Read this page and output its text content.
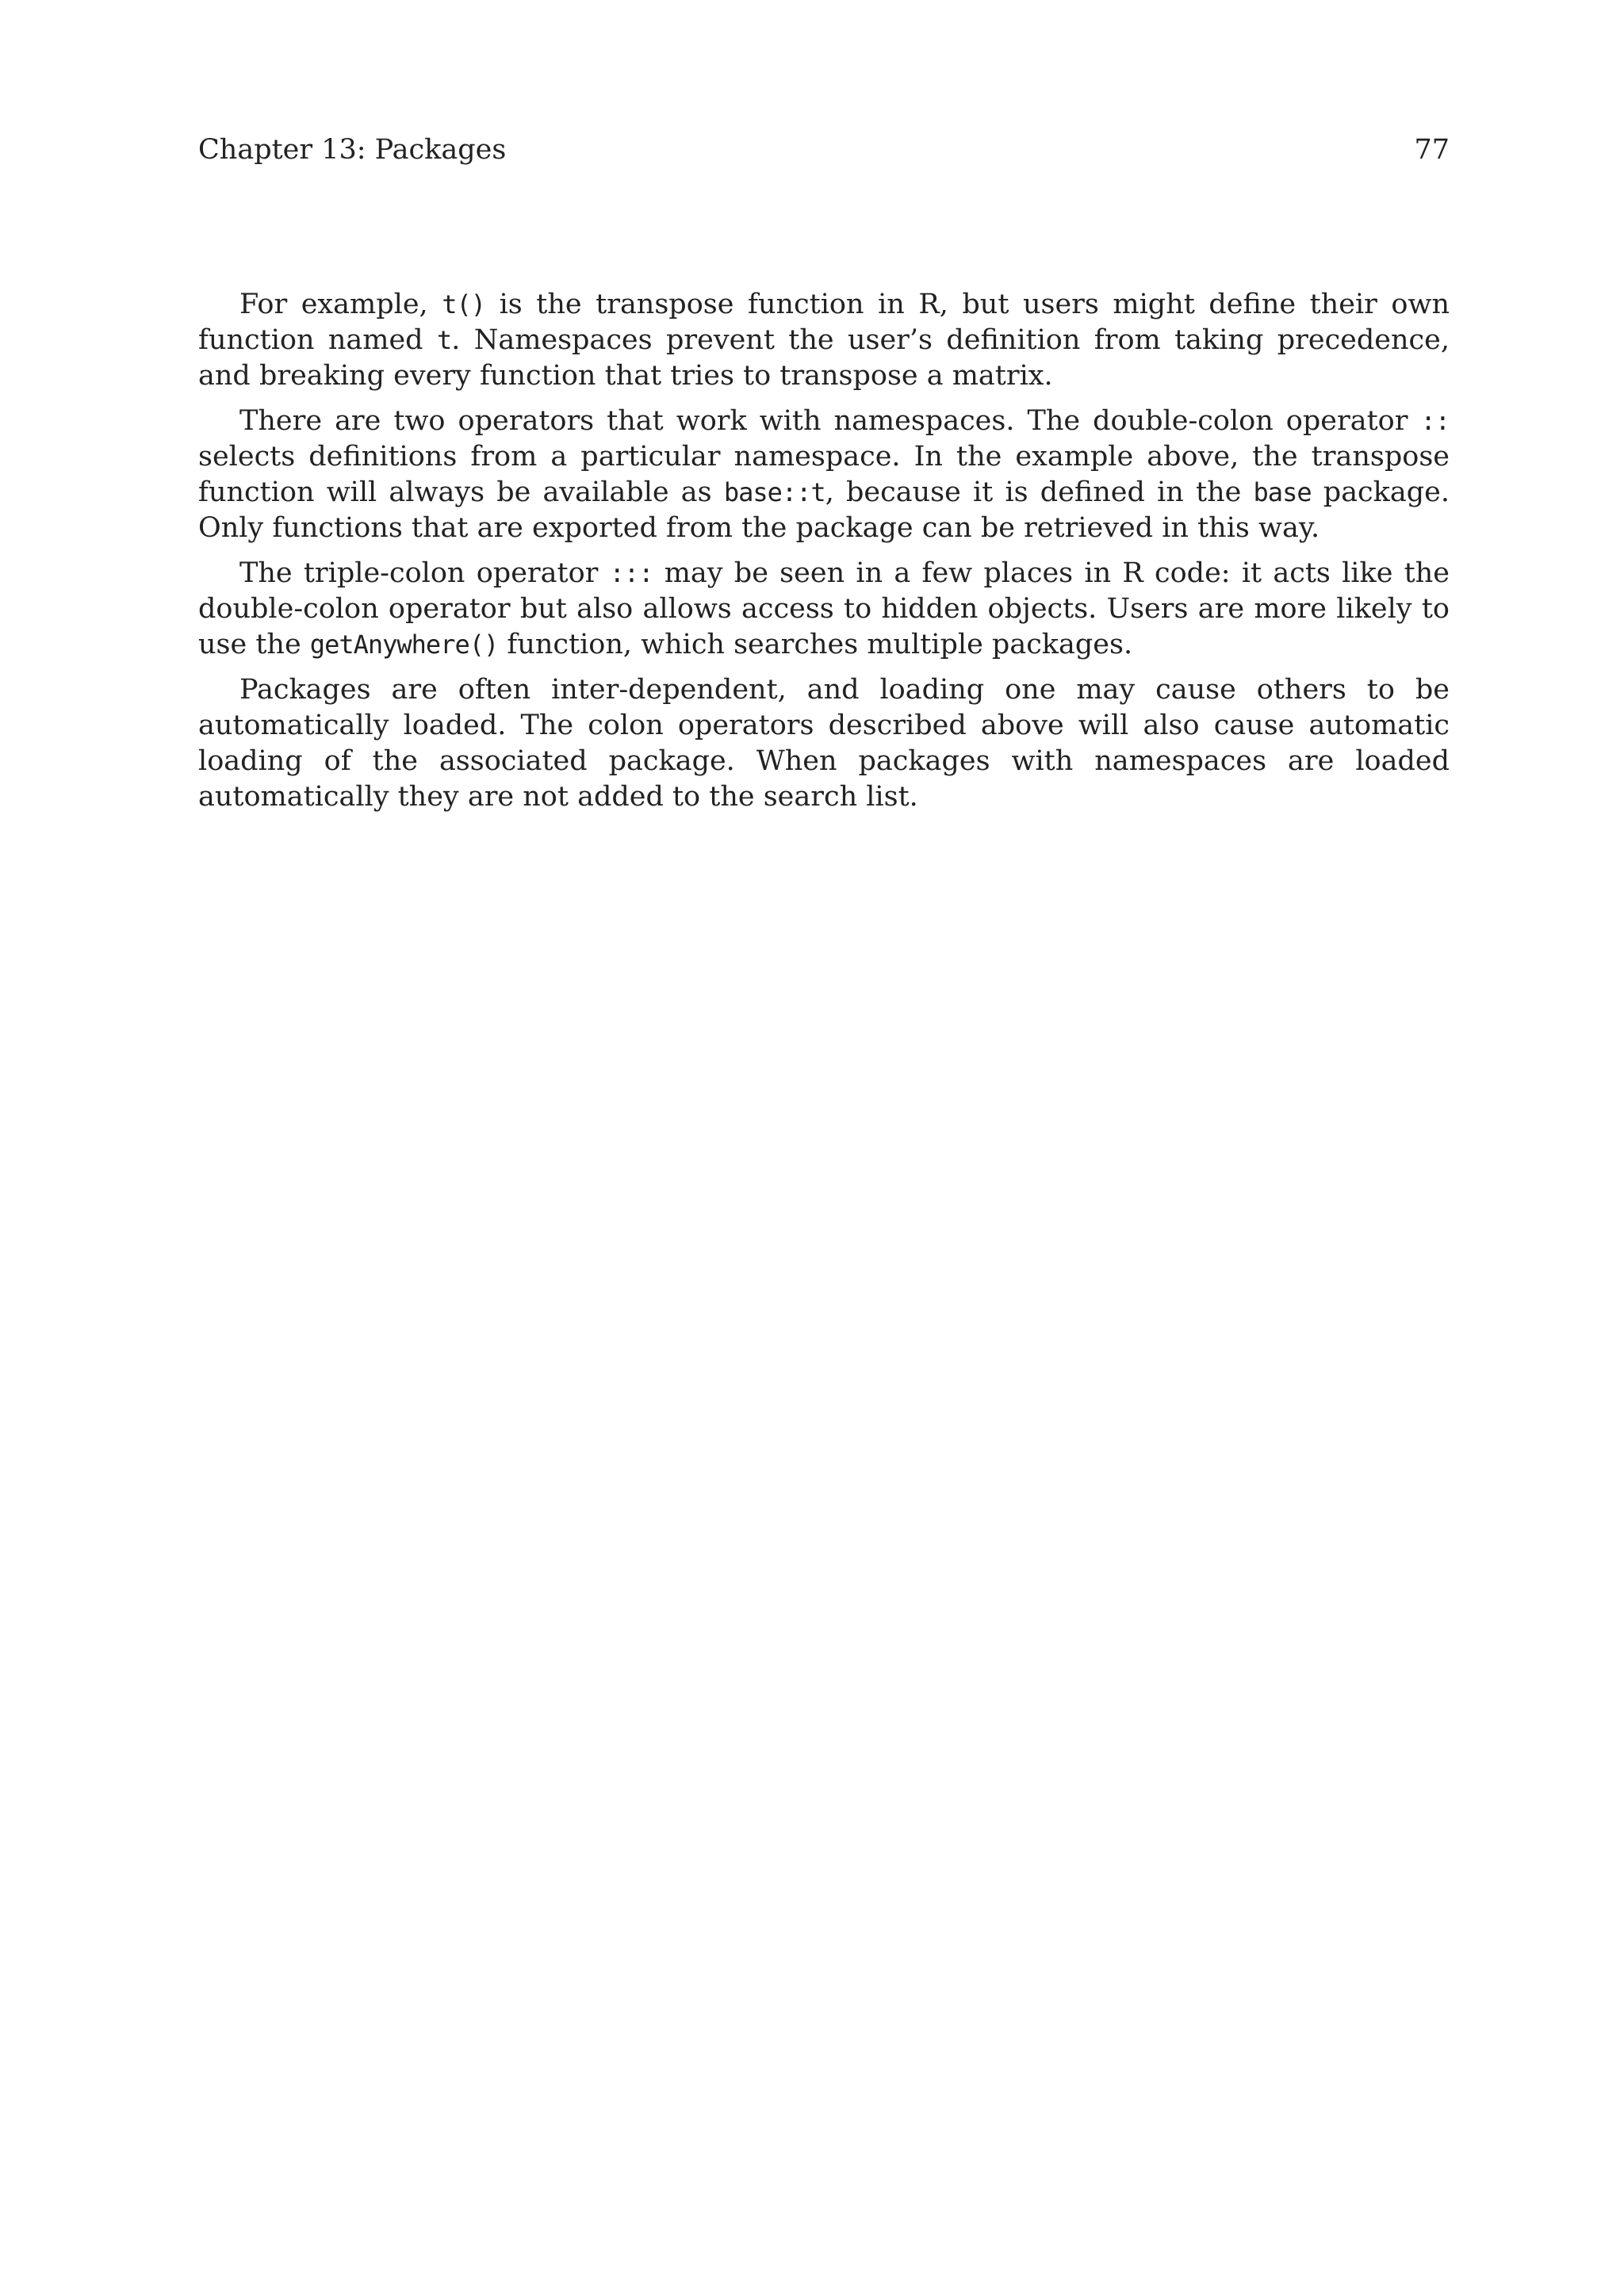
Chapter 13: Packages	77

For example, t() is the transpose function in R, but users might define their own function named t. Namespaces prevent the user’s definition from taking precedence, and breaking every function that tries to transpose a matrix.

There are two operators that work with namespaces. The double-colon operator :: selects definitions from a particular namespace. In the example above, the transpose function will always be available as base::t, because it is defined in the base package. Only functions that are exported from the package can be retrieved in this way.

The triple-colon operator ::: may be seen in a few places in R code: it acts like the double-colon operator but also allows access to hidden objects. Users are more likely to use the getAnywhere() function, which searches multiple packages.

Packages are often inter-dependent, and loading one may cause others to be automatically loaded. The colon operators described above will also cause automatic loading of the associated package. When packages with namespaces are loaded automatically they are not added to the search list.
